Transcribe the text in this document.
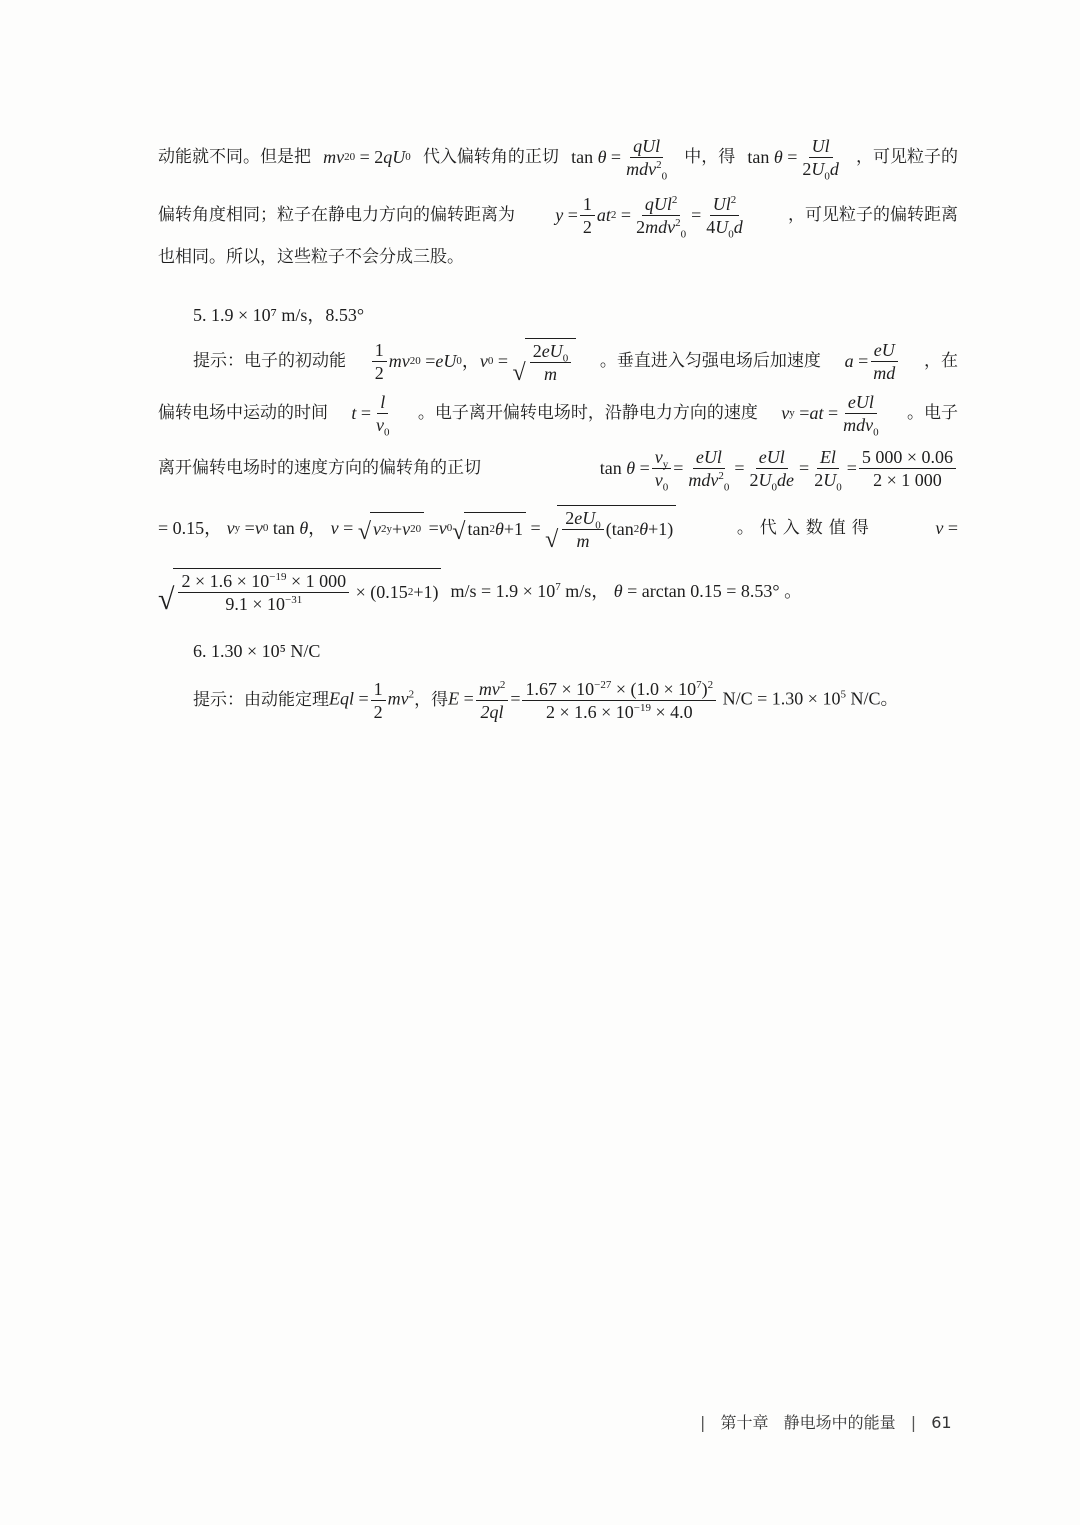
动能就不同。但是把 mv 2 0 = 2 qU 0 代入偏转角的正切 $\tan \theta = \frac{\text{qUl}}{mdv^2_0}$ 中，得 $\tan \theta = \frac{Ul}{2U_0d}$ ，可见粒子的
偏转角度相同；粒子在静电力方向的偏转距离为 $y = \frac{1}{2}$ at $2 = \frac{qUl^2}{2mdv^2_0} = \frac{Ul^2}{4U_0d}$ ，可见粒子的偏转距离
也相同。所以，这些粒子不会分成三股。
5. 1.9 × 10⁷ m/s，8.53°
提示：电子的初动能 $\frac{1}{2}$ mv 2 0 = eU 0 ， v 0 = √ $\frac{2eU_0}{m}$ 。垂直进入匀强电场后加速度 $a = \frac{eU}{md}$ ，在
偏转电场中运动的时间 $t = \frac{l}{v_0}$ 。电子离开偏转电场时，沿静电力方向的速度 v y = at = $\frac{\text{eUl}}{mdv_0}$ 。电子
离开偏转电场时的速度方向的偏转角的正切	$\tan \theta = \frac{v_y}{v_0} = \frac{\text{eUl}}{mdv^2_0} = \frac{\text{eUl}}{2U_0de} = \frac{El}{2U_0} = \frac{5 000 \times 0.06}{2 \times 1 000}$
= 0.15， v y = v 0 tan θ ， v = √ v 2 y + v 2 0 = v 0 √ tan 2 θ +1 = √ $\frac{2eU_0}{m} (\tan$ 2 θ +1)	。代入数值得	v =
√ $\frac{2 \times 1.6 \times 10^{-19} \times 1 000}{9.1 \times 10^{-31}} \times (0.15$ 2 +1) $m/s = 1.9 \times 10^7$ m/s， θ = arctan 0.15 = 8.53° 。
6. 1.30 × 10⁵ N/C
提示：由动能定理 Eql = $\frac{1}{2} mv^2$ ，得 $E = \frac{mv^2}{2ql} = \frac{1.67 \times 10^{-27} \times (1.0 \times 10^7)^2}{2 \times 1.6 \times 10^{-19} \times 4.0} N/C = 1.30 \times 10^5$ N/C。
| 第十章 静电场中的能量 | 61
